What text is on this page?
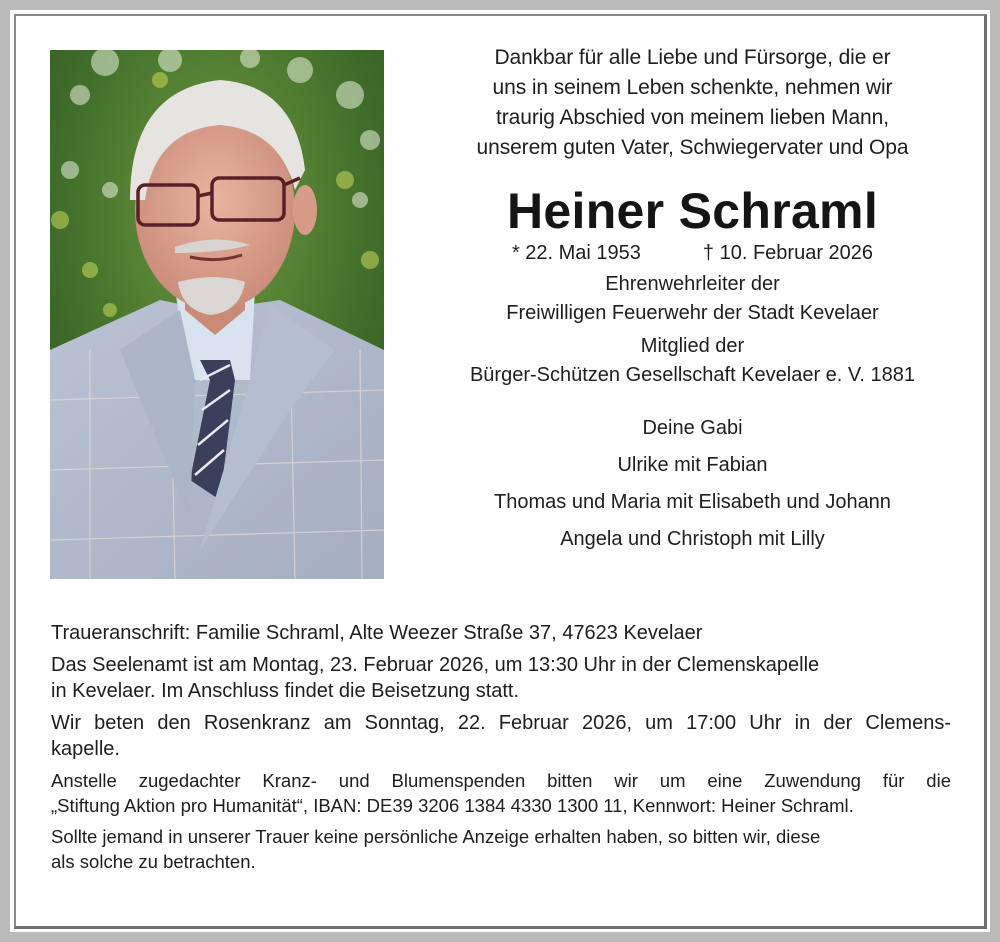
Dankbar für alle Liebe und Fürsorge, die er
uns in seinem Leben schenkte, nehmen wir
traurig Abschied von meinem lieben Mann,
unserem guten Vater, Schwiegervater und Opa

Heiner Schraml

* 22. Mai 1953	† 10. Februar 2026

Ehrenwehrleiter der
Freiwilligen Feuerwehr der Stadt Kevelaer
Mitglied der
Bürger-Schützen Gesellschaft Kevelaer e. V. 1881
Deine Gabi
Ulrike mit Fabian
Thomas und Maria mit Elisabeth und Johann
Angela und Christoph mit Lilly

Traueranschrift: Familie Schraml, Alte Weezer Straße 37, 47623 Kevelaer

Das Seelenamt ist am Montag, 23. Februar 2026, um 13:30 Uhr in der Clemenskapelle
in Kevelaer. Im Anschluss findet die Beisetzung statt.

Wir beten den Rosenkranz am Sonntag, 22. Februar 2026, um 17:00 Uhr in der Clemens-
kapelle.

Anstelle zugedachter Kranz- und Blumenspenden bitten wir um eine Zuwendung für die
„Stiftung Aktion pro Humanität“, IBAN: DE39 3206 1384 4330 1300 11, Kennwort: Heiner Schraml.

Sollte jemand in unserer Trauer keine persönliche Anzeige erhalten haben, so bitten wir, diese
als solche zu betrachten.
